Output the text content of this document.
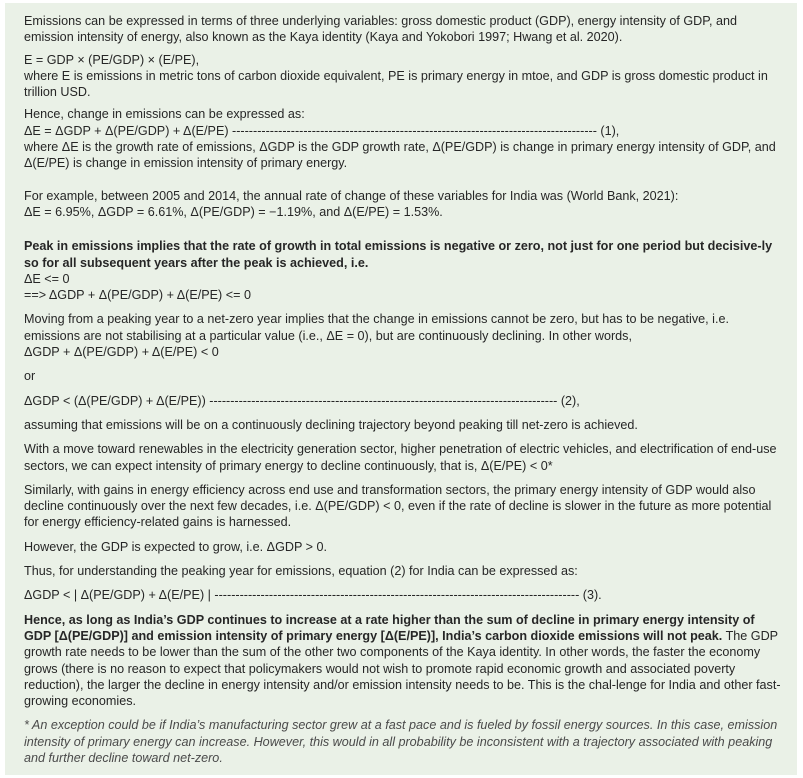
Emissions can be expressed in terms of three underlying variables: gross domestic product (GDP), energy intensity of GDP, and emission intensity of energy, also known as the Kaya identity (Kaya and Yokobori 1997; Hwang et al. 2020).

E = GDP × (PE/GDP) × (E/PE),

where E is emissions in metric tons of carbon dioxide equivalent, PE is primary energy in mtoe, and GDP is gross domestic product in trillion USD.

Hence, change in emissions can be expressed as:

ΔE = ΔGDP + Δ(PE/GDP) + Δ(E/PE) --------------------------------------------------------------------------------------- (1),

where ΔE is the growth rate of emissions, ΔGDP is the GDP growth rate, Δ(PE/GDP) is change in primary energy intensity of GDP, and Δ(E/PE) is change in emission intensity of primary energy.

For example, between 2005 and 2014, the annual rate of change of these variables for India was (World Bank, 2021):

ΔE = 6.95%, ΔGDP = 6.61%, Δ(PE/GDP) = −1.19%, and Δ(E/PE) = 1.53%.

Peak in emissions implies that the rate of growth in total emissions is negative or zero, not just for one period but decisive-ly so for all subsequent years after the peak is achieved, i.e.

ΔE <= 0

==> ΔGDP + Δ(PE/GDP) + Δ(E/PE) <= 0

Moving from a peaking year to a net-zero year implies that the change in emissions cannot be zero, but has to be negative, i.e. emissions are not stabilising at a particular value (i.e., ΔE = 0), but are continuously declining. In other words,

ΔGDP + Δ(PE/GDP) + Δ(E/PE) < 0

or

ΔGDP < (Δ(PE/GDP) + Δ(E/PE)) ----------------------------------------------------------------------------------- (2),

assuming that emissions will be on a continuously declining trajectory beyond peaking till net-zero is achieved.

With a move toward renewables in the electricity generation sector, higher penetration of electric vehicles, and electrification of end-use sectors, we can expect intensity of primary energy to decline continuously, that is, Δ(E/PE) < 0*

Similarly, with gains in energy efficiency across end use and transformation sectors, the primary energy intensity of GDP would also decline continuously over the next few decades, i.e. Δ(PE/GDP) < 0, even if the rate of decline is slower in the future as more potential for energy efficiency-related gains is harnessed.

However, the GDP is expected to grow, i.e. ΔGDP > 0.

Thus, for understanding the peaking year for emissions, equation (2) for India can be expressed as:

ΔGDP < | Δ(PE/GDP) + Δ(E/PE) | --------------------------------------------------------------------------------------- (3).

Hence, as long as India’s GDP continues to increase at a rate higher than the sum of decline in primary energy intensity of GDP [Δ(PE/GDP)] and emission intensity of primary energy [Δ(E/PE)], India’s carbon dioxide emissions will not peak. The GDP growth rate needs to be lower than the sum of the other two components of the Kaya identity. In other words, the faster the economy grows (there is no reason to expect that policymakers would not wish to promote rapid economic growth and associated poverty reduction), the larger the decline in energy intensity and/or emission intensity needs to be. This is the chal-lenge for India and other fast-growing economies.

* An exception could be if India’s manufacturing sector grew at a fast pace and is fueled by fossil energy sources. In this case, emission intensity of primary energy can increase. However, this would in all probability be inconsistent with a trajectory associated with peaking and further decline toward net-zero.
